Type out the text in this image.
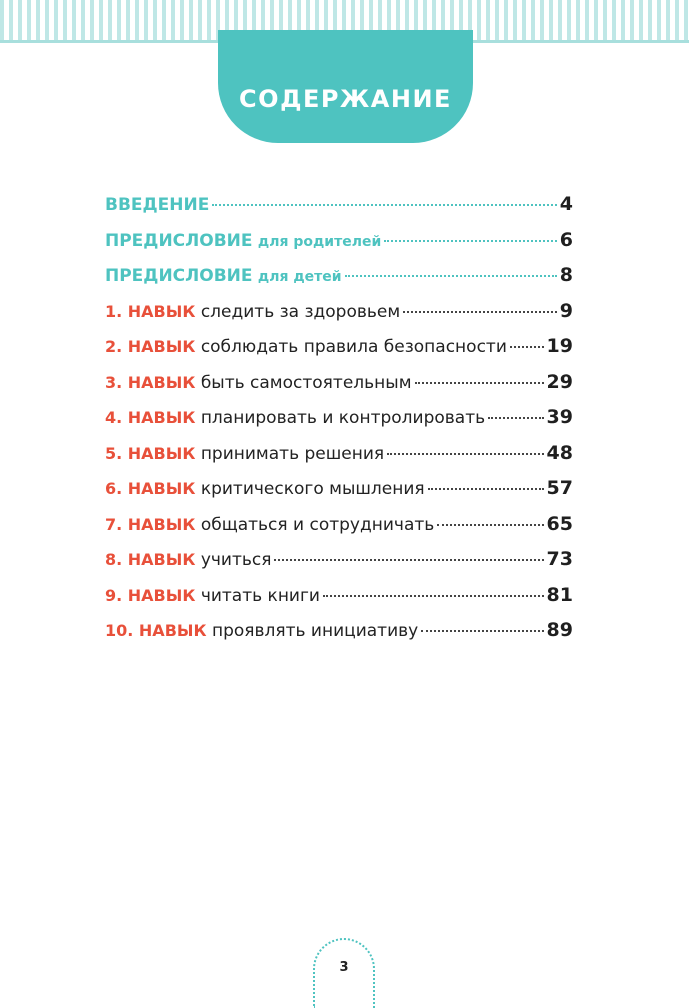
СОДЕРЖАНИЕ
ВВЕДЕНИЕ	4
ПРЕДИСЛОВИЕ для родителей	6
ПРЕДИСЛОВИЕ для детей	8
1. НАВЫК следить за здоровьем	9
2. НАВЫК соблюдать правила безопасности 19
3. НАВЫК быть самостоятельным	29
4. НАВЫК планировать и контролировать	39
5. НАВЫК принимать решения	48
6. НАВЫК критического мышления	57
7. НАВЫК общаться и сотрудничать	65
8. НАВЫК учиться	73
9. НАВЫК читать книги	81
10. НАВЫК проявлять инициативу	89
3
